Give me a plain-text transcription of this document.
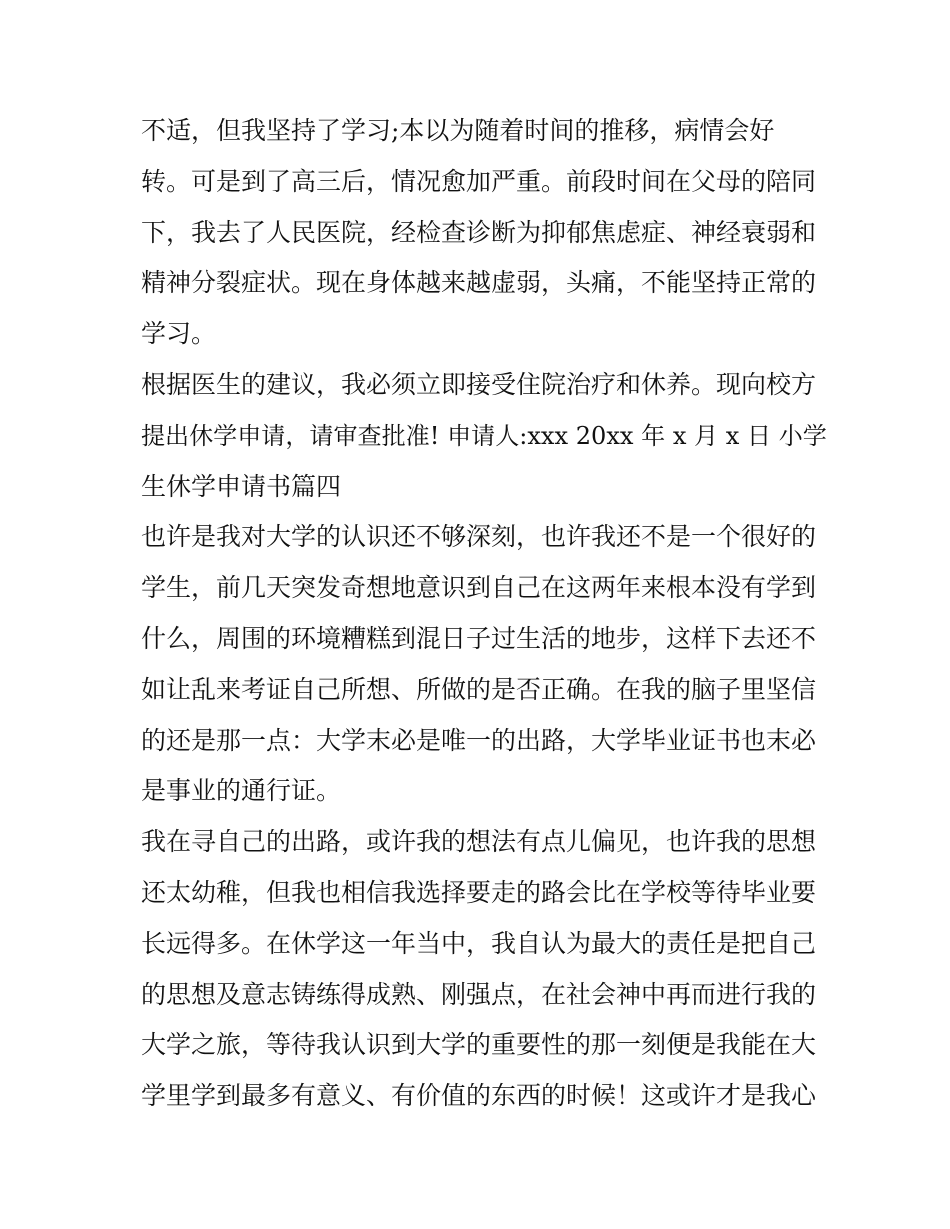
不适，但我坚持了学习;本以为随着时间的推移，病情会好
转。可是到了高三后，情况愈加严重。前段时间在父母的陪同
下，我去了人民医院，经检查诊断为抑郁焦虑症、神经衰弱和
精神分裂症状。现在身体越来越虚弱，头痛，不能坚持正常的
学习。
根据医生的建议，我必须立即接受住院治疗和休养。现向校方
提出休学申请，请审查批准! 申请人:xxx 20xx 年 x 月 x 日 小学
生休学申请书篇四
也许是我对大学的认识还不够深刻，也许我还不是一个很好的
学生，前几天突发奇想地意识到自己在这两年来根本没有学到
什么，周围的环境糟糕到混日子过生活的地步，这样下去还不
如让乱来考证自己所想、所做的是否正确。在我的脑子里坚信
的还是那一点：大学末必是唯一的出路，大学毕业证书也末必
是事业的通行证。
我在寻自己的出路，或许我的想法有点儿偏见，也许我的思想
还太幼稚，但我也相信我选择要走的路会比在学校等待毕业要
长远得多。在休学这一年当中，我自认为最大的责任是把自己
的思想及意志铸练得成熟、刚强点，在社会神中再而进行我的
大学之旅，等待我认识到大学的重要性的那一刻便是我能在大
学里学到最多有意义、有价值的东西的时候！这或许才是我心
